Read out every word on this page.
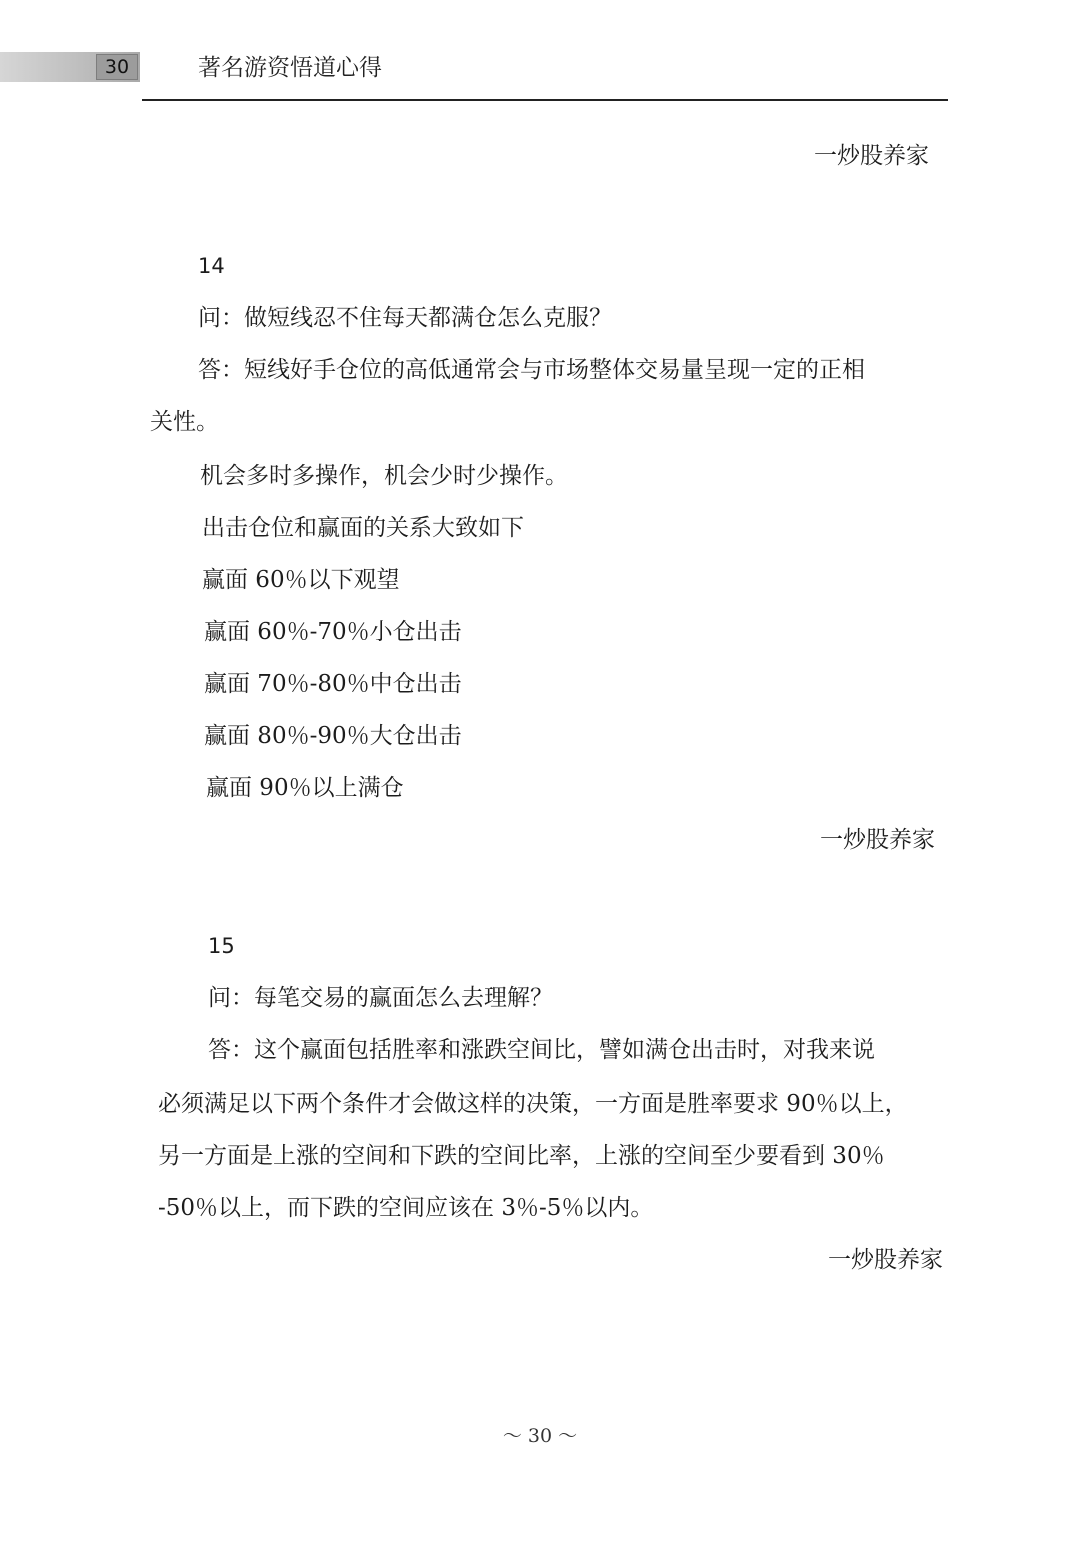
30	著名游资悟道心得
一炒股养家
14
问：做短线忍不住每天都满仓怎么克服？
答：短线好手仓位的高低通常会与市场整体交易量呈现一定的正相
关性。
机会多时多操作，机会少时少操作。
出击仓位和赢面的关系大致如下
赢面 60％以下观望
赢面 60％-70％小仓出击
赢面 70％-80％中仓出击
赢面 80％-90％大仓出击
赢面 90％以上满仓
一炒股养家
15
问：每笔交易的赢面怎么去理解？
答：这个赢面包括胜率和涨跌空间比，譬如满仓出击时，对我来说
必须满足以下两个条件才会做这样的决策，一方面是胜率要求 90％以上，
另一方面是上涨的空间和下跌的空间比率，上涨的空间至少要看到 30％
-50％以上，而下跌的空间应该在 3％-5％以内。
一炒股养家
～ 30 ～
